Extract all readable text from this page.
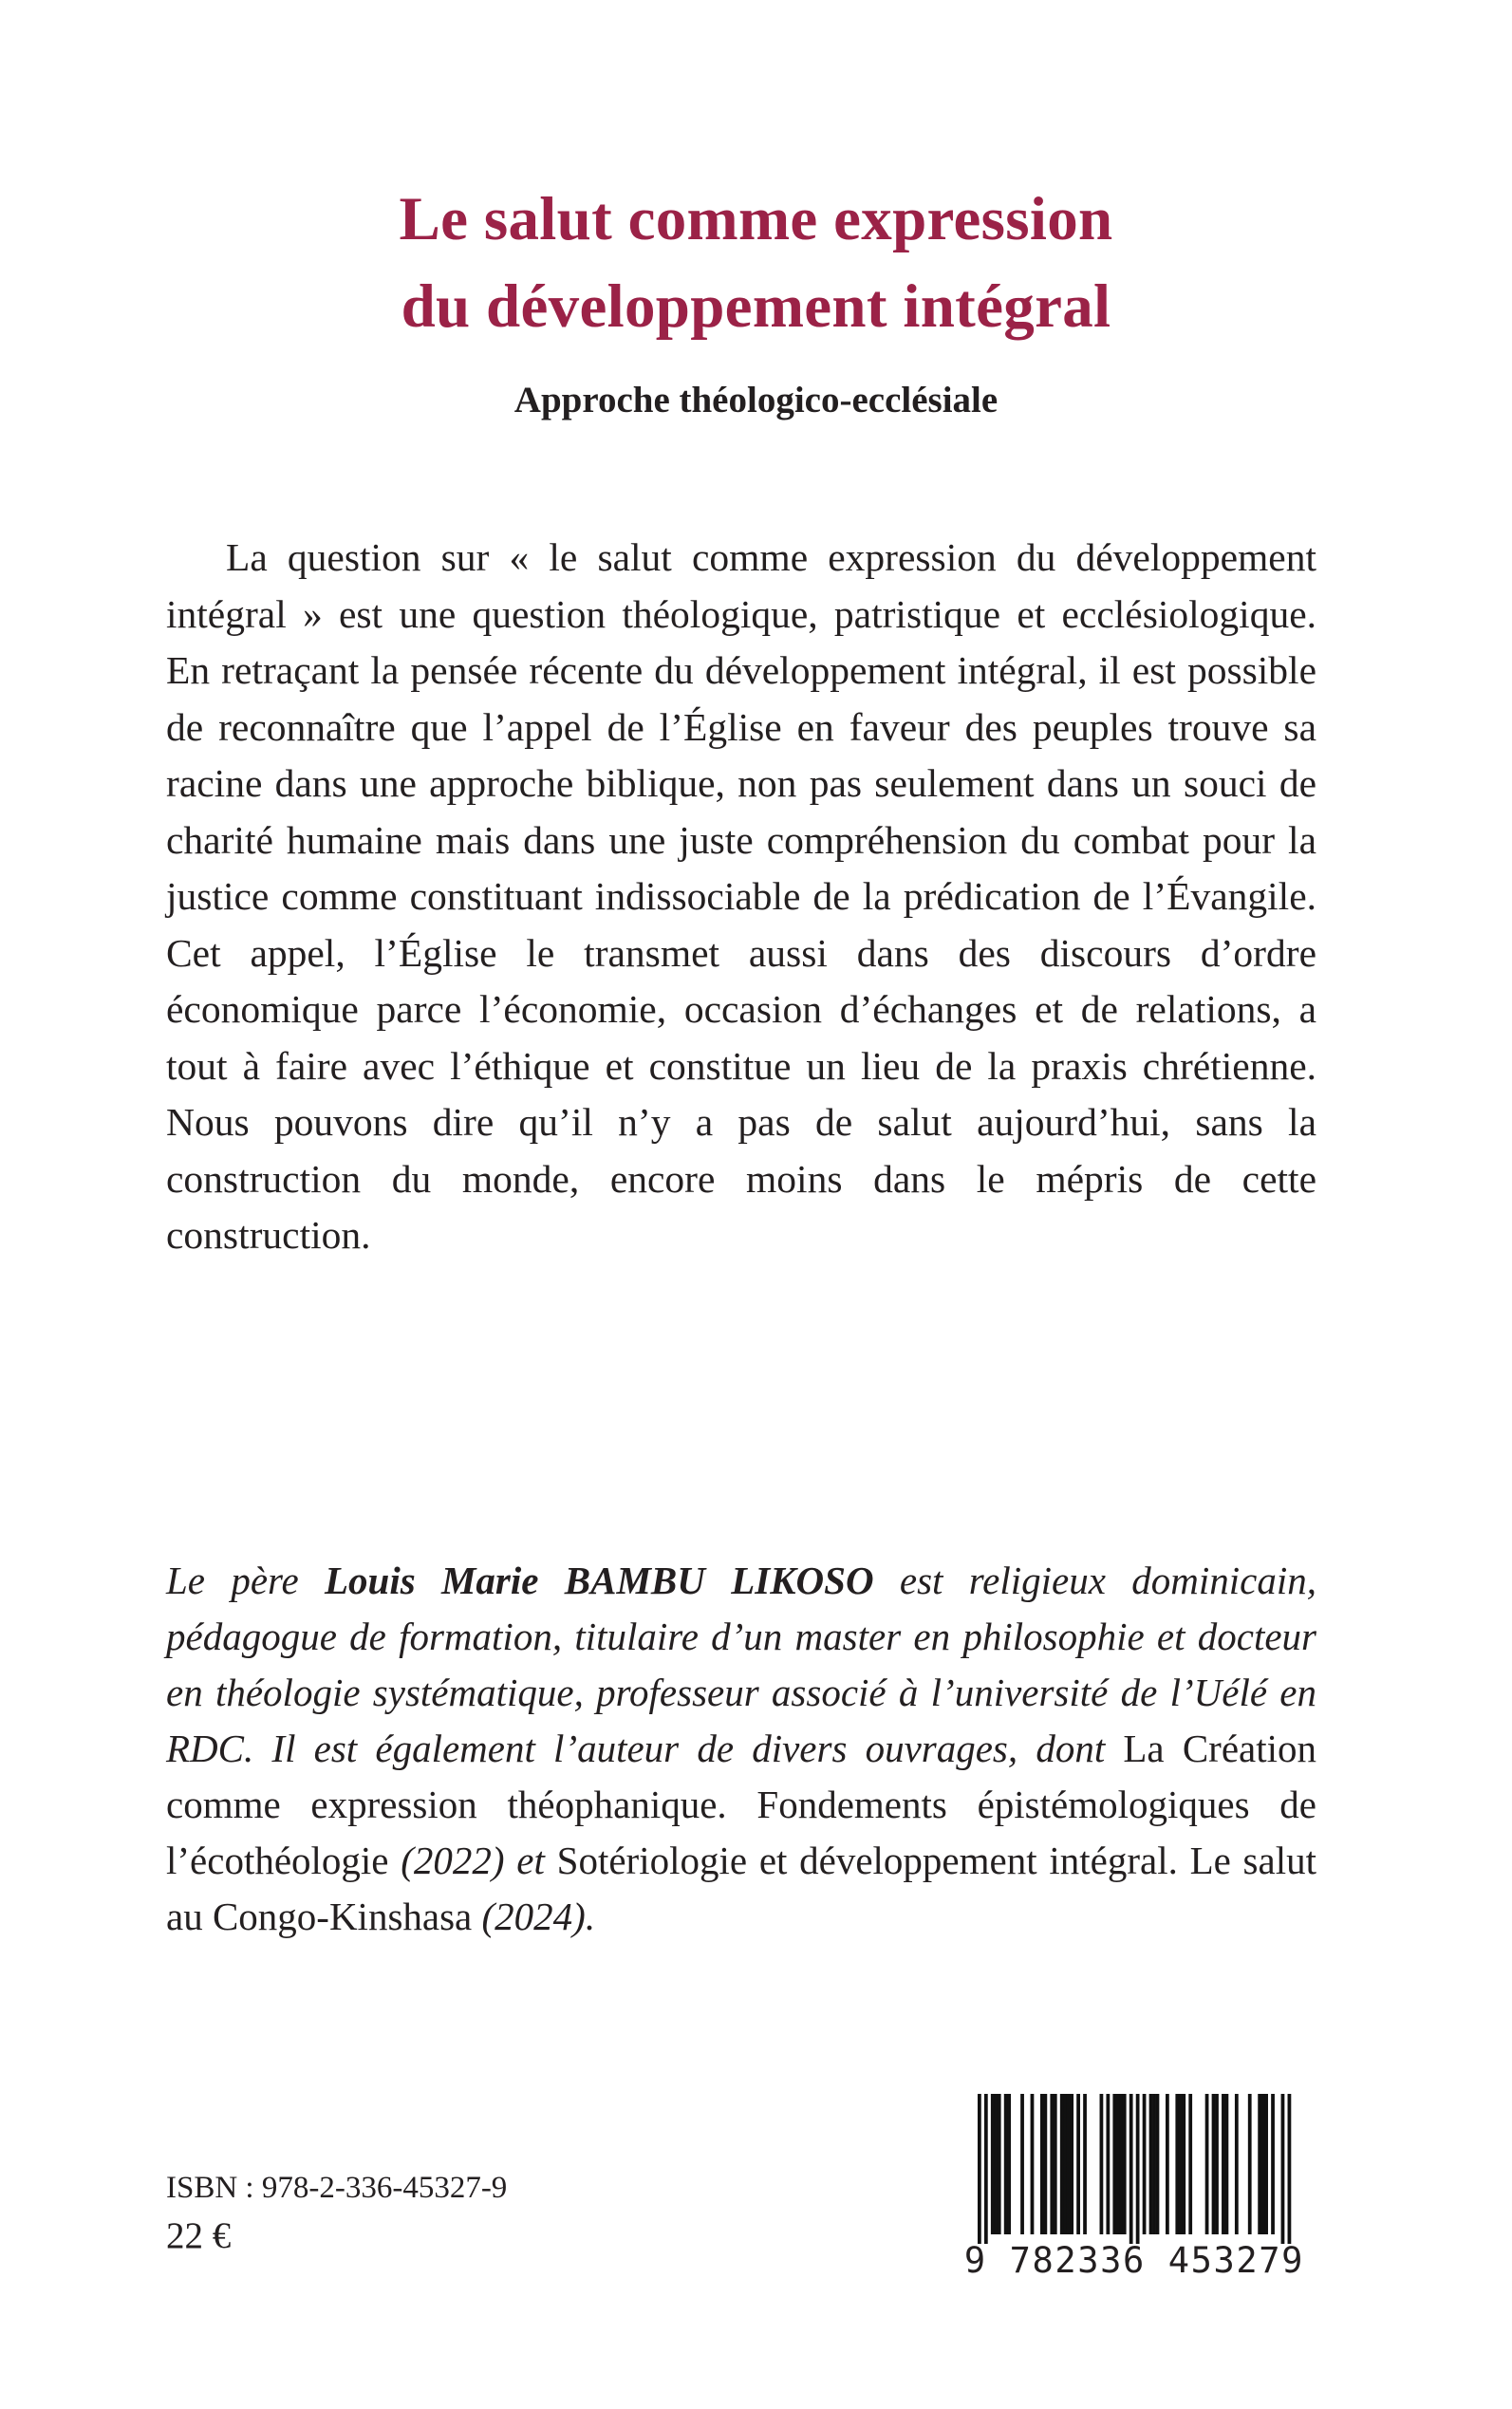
Le salut comme expression
du développement intégral
Approche théologico-ecclésiale

La question sur « le salut comme expression du développement intégral » est une question théologique, patristique et ecclésiologique. En retraçant la pensée récente du développement intégral, il est possible de reconnaître que l’appel de l’Église en faveur des peuples trouve sa racine dans une approche biblique, non pas seulement dans un souci de charité humaine mais dans une juste compréhension du combat pour la justice comme constituant indissociable de la prédication de l’Évangile. Cet appel, l’Église le transmet aussi dans des discours d’ordre économique parce l’économie, occasion d’échanges et de relations, a tout à faire avec l’éthique et constitue un lieu de la praxis chrétienne. Nous pouvons dire qu’il n’y a pas de salut aujourd’hui, sans la construction du monde, encore moins dans le mépris de cette construction.

Le père Louis Marie BAMBU LIKOSO est religieux dominicain, pédagogue de formation, titulaire d’un master en philosophie et docteur en théologie systématique, professeur associé à l’université de l’Uélé en RDC. Il est également l’auteur de divers ouvrages, dont La Création comme expression théophanique. Fondements épistémologiques de l’écothéologie (2022) et Sotériologie et développement intégral. Le salut au Congo-Kinshasa (2024).

ISBN : 978-2-336-45327-9
22 €
9 782336 453279
